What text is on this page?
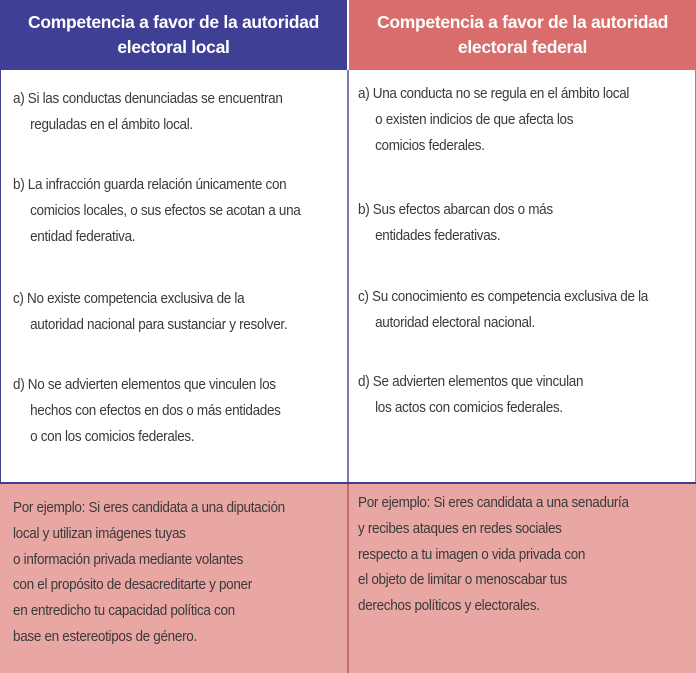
Competencia a favor de la autoridad electoral local
Competencia a favor de la autoridad electoral federal
a) Si las conductas denunciadas se encuentran
reguladas en el ámbito local.
b) La infracción guarda relación únicamente con
comicios locales, o sus efectos se acotan a una
entidad federativa.
c) No existe competencia exclusiva de la
autoridad nacional para sustanciar y resolver.
d) No se advierten elementos que vinculen los
hechos con efectos en dos o más entidades
o con los comicios federales.
a) Una conducta no se regula en el ámbito local
o existen indicios de que afecta los
comicios federales.
b) Sus efectos abarcan dos o más
entidades federativas.
c) Su conocimiento es competencia exclusiva de la
autoridad electoral nacional.
d) Se advierten elementos que vinculan
los actos con comicios federales.
Por ejemplo: Si eres candidata a una diputación
local y utilizan imágenes tuyas
o información privada mediante volantes
con el propósito de desacreditarte y poner
en entredicho tu capacidad política con
base en estereotipos de género.
Por ejemplo: Si eres candidata a una senaduría
y recibes ataques en redes sociales
respecto a tu imagen o vida privada con
el objeto de limitar o menoscabar tus
derechos políticos y electorales.
